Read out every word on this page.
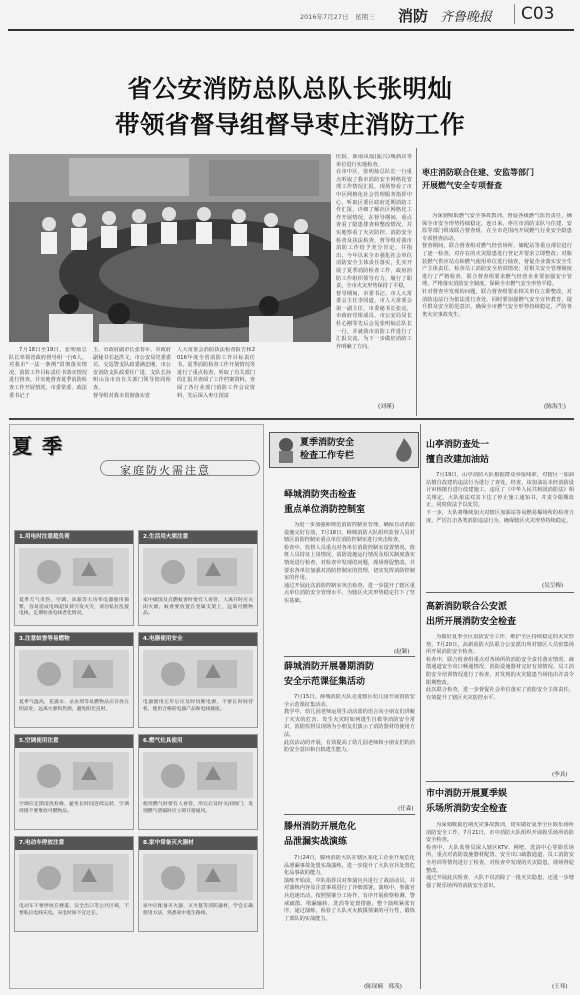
2016年7月27日　星期三 消防 齐鲁晚报	C03
省公安消防总队总队长张明灿
带领省督导组督导枣庄消防工作
7月18日至19日，张明灿总队长率领省政府督导组一行6人，对我市"一法一条例"贯彻落实情况、消防工作目标责任书落实情况进行督查。并实地督查夏季消防检查工作开展情况，市委常委、政法委书记于
玉、市政府副市长张春军、市政府副秘书长赵洪文，市公安局党委委员、交巡警支队政委满忠刚，市公安消防支队政委任广进，支队长孙明山及市直有关部门领导陪同检查。
督导组对我市贯彻落实省
人大常委会消防执法检查报告和2016年度全省消防工作目标责任书，夏季消防检查工作开展情况等进行了重点检查，听取了有关部门的汇报并查阅了工作档案资料，查阅了各行业部门消防工作会议资料、先后深入枣庄国富
医院、新南凤凰(振兴)城酒店等单位进行实地检查。
在市中区，张明灿总队长一行重点听取了我市消防安全网格化管理工作情况汇报，现场察看了市中区网格化社会管理服务指挥中心，听取区委区政府近期消防工作汇报，详细了解社区网格化工作开展情况，在督导期间，重点查看了隐患排查和整改情况，并实地察看了火灾防控、消防安全检查及执法检查，督导组对我市消防工作给予充分肯定，并指出，今年以来全市强化社会单位消防安全主体责任落实，扎实开展了夏季消防检查工作，政府消防工作组织领导有力，履行了职责，全市火灾形势保持了平稳。
督导期间，市委书记、市人大常委会主任李同道，市人大常委会第一副主任，市委秘书长张亮，市政府党组成员、市公安局局长杜心刚等先后会见张明灿总队长一行，并就我市消防工作进行了汇报交流，为下一步做好消防工作明确了方向。
(刘瑾)
枣庄消防联合住建、安监等部门
开展燃气安全专项督查
为深刻吸取燃气安全事故教训，督促各级燃气监管责任，确保全市安全形势持续稳定，连日来，枣庄市消防支队与住建、安监等部门组成联合督查组，在全市范围内开展燃气行业安全隐患专项督查活动。
督查期间，联合督查组对燃气经营场所、储配站等重点部位进行了逐一检查，对存在的火灾隐患进行登记并要求立即整改；对瓶装燃气供应站点和燃气使用单位进行抽查，督促企业落实安全生产主体责任，检查员工消防安全培训情况；对相关安全管理制度进行了严格检查，联合督查组要求燃气经营企业要加强安全管理，严格落实消防安全制度，保障全市燃气安全形势平稳。
针对督查中发现的问题，联合督查组要求相关单位立即整改，对消防违法行为依法进行查处，同时要加强燃气安全宣传教育，提升群众安全防范意识，确保全市燃气安全形势持续稳定，严防各类火灾事故发生。
(陈海生)
夏季
家庭防火需注意
1.用电时注意超负荷
夏季天气炎热，空调、冰箱等大功率电器使用频繁，容易造成电线超负荷引发火灾，请勿私拉乱接电线，定期检查电线老化情况。
2.生活用火须注意
家中做饭及点燃蚊香时要有人看管，人离开时应关闭火源，蚊香要放置在金属支架上，远离可燃物品。
3.注意蚊香等易燃物
夏季气温高，花露水、杀虫剂等易燃物品应存放在阴凉处，远离火源和热源，避免阳光直射。
4.电器使用安全
电器使用完毕后应及时切断电源，不要长时间待机，使用合格的电器产品和电线插座。
5.空调使用注意
空调应定期清洗检修，避免长时间连续运转，空调周围不要堆放可燃物品。
6.燃气灶具使用
使用燃气时要有人看管，用完后及时关闭阀门，发现燃气泄漏时应立即开窗通风。
7.电动车停放注意
电动车不要停放在楼道、安全出口等公共区域，不要私拉电线充电，充电时间不宜过长。
8.家中常备灭火器材
家中应配备灭火器、灭火毯等消防器材，学会正确使用方法，熟悉家中逃生路线。
夏季消防安全
检查工作专栏
峄城消防突击检查
重点单位消防控制室
为进一步加强和规范消防控制室管理，确保自动消防设施完好有效，7月18日，峄城消防大队组织监督人员对辖区消防控制室重点单位消防控制室进行突击检查。
检查中，监督人员重点对各单位消防控制室设置情况、值班人员持证上岗情况、消防设施运行情况及相关制度落实情况进行检查，对检查中发现的问题，现场督促整改，并要求各单位加强对消防控制室的管理，切实发挥消防控制室的作用。
通过开展此次消防控制室突击检查，进一步提升了辖区重点单位消防安全管理水平，为辖区火灾形势稳定打下了坚实基础。
(赵颖)
薛城消防开展暑期消防
安全示范课征集活动
7月15日，薛城消防大队走进辖区幼儿园开展消防安全示范课征集活动。
教学中，幼儿园老师运用生动活泼的语言向小朋友们讲解了火灾的危害、发生火灾时如何逃生自救等消防安全常识，消防监督员现场为小朋友们演示了消防器材的使用方法。
此次活动的开展，有效提高了幼儿园老师和小朋友们的消防安全意识和自救逃生能力。
(任森)
滕州消防开展危化
品泄漏实战演练
7月24日，滕州消防大队在辖区某化工企业开展危化品泄漏事故处置实战演练，进一步提升了大队官兵处置危化品事故的能力。
演练开始前，中队指挥员对参演官兵进行了战前动员，并对演练内容及注意事项进行了详细部署。演练中，参演官兵迅速出动，按照预案分工协作，有序开展侦察检测、警戒疏散、堵漏输转、洗消等处置措施，整个演练紧张有序。通过演练，检验了大队灭火救援预案的可行性，锻炼了部队的实战能力。
(陈琛楠　邢茂)
山亭消防查处一
擅自改建加油站
7月19日，山亭消防大队根据群众举报线索，对辖区一加油站擅自改建的违法行为进行了查处。经查，该加油站未经消防设计审核擅自进行改建施工，违反了《中华人民共和国消防法》相关规定。大队依法对其下达了停止施工通知书，并责令限期改正，同时依法予以处罚。
下一步，大队将继续加大对辖区加油站等易燃易爆场所的检查力度，严厉打击各类消防违法行为，确保辖区火灾形势持续稳定。
(吴呈梅)
高新消防联合公安派
出所开展消防安全检查
为做好夏季全区消防安全工作，维护全区持续稳定的火灾形势，7月20日，高新消防大队联合公安派出所对辖区人员密集场所开展消防安全检查。
检查中，联合检查组重点对各场所的消防安全责任落实情况、疏散通道安全出口畅通情况、消防设施器材完好有效情况、员工消防安全培训情况进行了检查，对发现的火灾隐患当场指出并责令限期整改。
此次联合检查，进一步督促社会单位落实了消防安全主体责任，有效提升了辖区火灾防控水平。
(李真)
市中消防开展夏季娱
乐场所消防安全检查
为深刻吸取近期火灾事故教训，切实做好夏季全区娱乐场所消防安全工作，7月21日，市中消防大队组织开展娱乐场所消防安全检查。
检查中，大队监督员深入辖区KTV、网吧、洗浴中心等娱乐场所，重点对消防设施器材配置、安全出口疏散通道、员工消防安全培训等情况进行了检查，对检查中发现的火灾隐患，现场督促整改。
通过开展此次检查，大队不仅消除了一批火灾隐患，还进一步增强了娱乐场所的消防安全意识。
(王邦)
